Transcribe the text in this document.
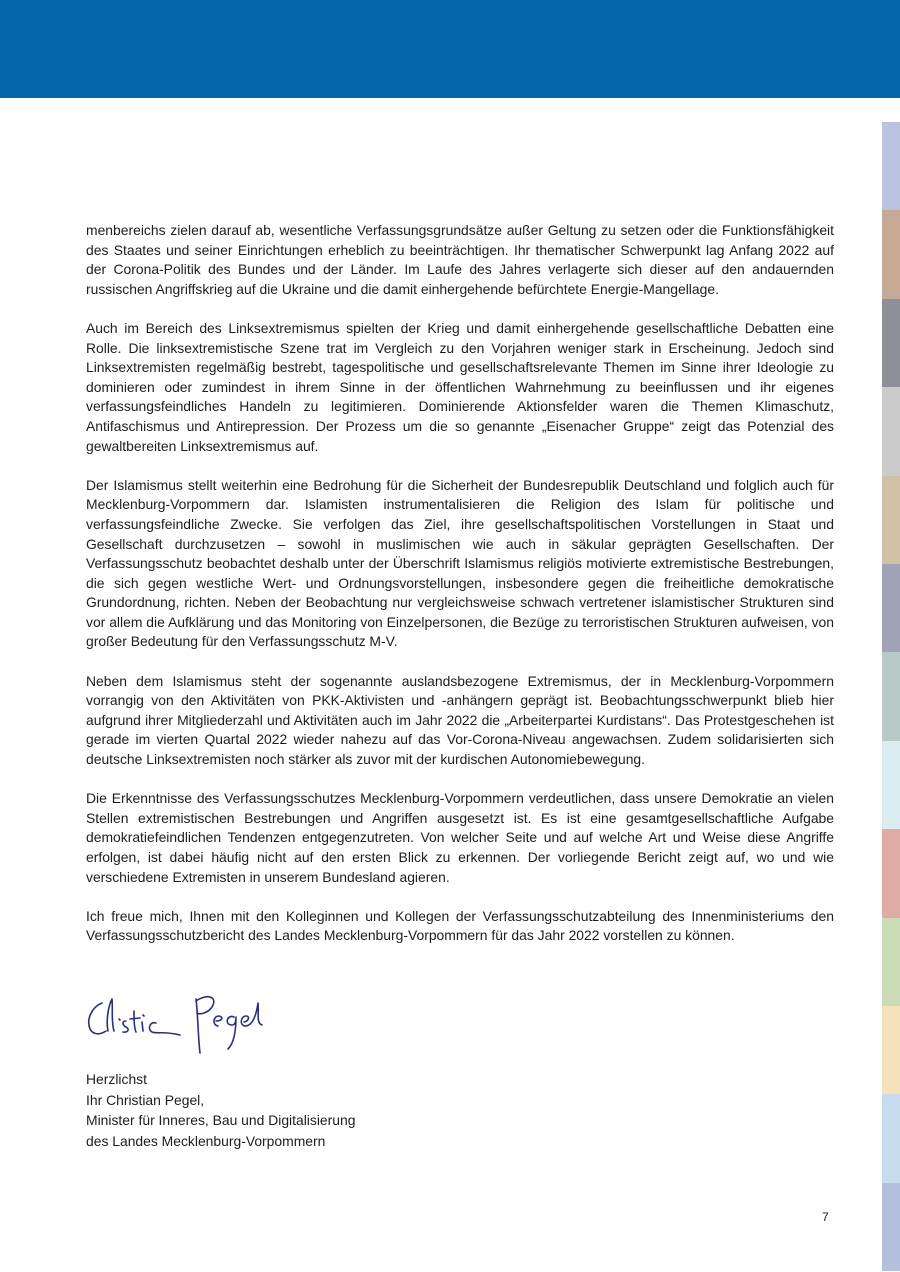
menbereichs zielen darauf ab, wesentliche Verfassungsgrundsätze außer Geltung zu setzen oder die Funktionsfähigkeit des Staates und seiner Einrichtungen erheblich zu beeinträchtigen. Ihr thematischer Schwerpunkt lag Anfang 2022 auf der Corona-Politik des Bundes und der Länder. Im Laufe des Jahres verlagerte sich dieser auf den andauernden russischen Angriffskrieg auf die Ukraine und die damit einhergehende befürchtete Energie-Mangellage.

Auch im Bereich des Linksextremismus spielten der Krieg und damit einhergehende gesellschaftliche Debatten eine Rolle. Die linksextremistische Szene trat im Vergleich zu den Vorjahren weniger stark in Erscheinung. Jedoch sind Linksextremisten regelmäßig bestrebt, tagespolitische und gesellschaftsrelevante Themen im Sinne ihrer Ideologie zu dominieren oder zumindest in ihrem Sinne in der öffentlichen Wahrnehmung zu beeinflussen und ihr eigenes verfassungsfeindliches Handeln zu legitimieren. Dominierende Aktionsfelder waren die Themen Klimaschutz, Antifaschismus und Antirepression. Der Prozess um die so genannte „Eisenacher Gruppe“ zeigt das Potenzial des gewaltbereiten Linksextremismus auf.

Der Islamismus stellt weiterhin eine Bedrohung für die Sicherheit der Bundesrepublik Deutschland und folglich auch für Mecklenburg-Vorpommern dar. Islamisten instrumentalisieren die Religion des Islam für politische und verfassungsfeindliche Zwecke. Sie verfolgen das Ziel, ihre gesellschaftspolitischen Vorstellungen in Staat und Gesellschaft durchzusetzen – sowohl in muslimischen wie auch in säkular geprägten Gesellschaften. Der Verfassungsschutz beobachtet deshalb unter der Überschrift Islamismus religiös motivierte extremistische Bestrebungen, die sich gegen westliche Wert- und Ordnungsvorstellungen, insbesondere gegen die freiheitliche demokratische Grundordnung, richten. Neben der Beobachtung nur vergleichsweise schwach vertretener islamistischer Strukturen sind vor allem die Aufklärung und das Monitoring von Einzelpersonen, die Bezüge zu terroristischen Strukturen aufweisen, von großer Bedeutung für den Verfassungsschutz M-V.

Neben dem Islamismus steht der sogenannte auslandsbezogene Extremismus, der in Mecklenburg-Vorpommern vorrangig von den Aktivitäten von PKK-Aktivisten und -anhängern geprägt ist. Beobachtungsschwerpunkt blieb hier aufgrund ihrer Mitgliederzahl und Aktivitäten auch im Jahr 2022 die „Arbeiterpartei Kurdistans“. Das Protestgeschehen ist gerade im vierten Quartal 2022 wieder nahezu auf das Vor-Corona-Niveau angewachsen. Zudem solidarisierten sich deutsche Linksextremisten noch stärker als zuvor mit der kurdischen Autonomiebewegung.

Die Erkenntnisse des Verfassungsschutzes Mecklenburg-Vorpommern verdeutlichen, dass unsere Demokratie an vielen Stellen extremistischen Bestrebungen und Angriffen ausgesetzt ist. Es ist eine gesamtgesellschaftliche Aufgabe demokratiefeindlichen Tendenzen entgegenzutreten. Von welcher Seite und auf welche Art und Weise diese Angriffe erfolgen, ist dabei häufig nicht auf den ersten Blick zu erkennen. Der vorliegende Bericht zeigt auf, wo und wie verschiedene Extremisten in unserem Bundesland agieren.

Ich freue mich, Ihnen mit den Kolleginnen und Kollegen der Verfassungsschutzabteilung des Innenministeriums den Verfassungsschutzbericht des Landes Mecklenburg-Vorpommern für das Jahr 2022 vorstellen zu können.

Herzlichst
Ihr Christian Pegel,
Minister für Inneres, Bau und Digitalisierung
des Landes Mecklenburg-Vorpommern
7
